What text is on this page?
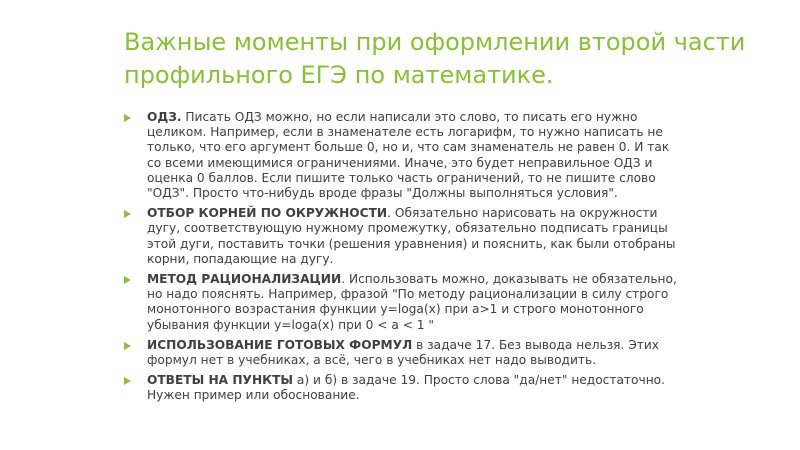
Важные моменты при оформлении второй части профильного ЕГЭ по математике.
ОДЗ. Писать ОДЗ можно, но если написали это слово, то писать его нужно целиком. Например, если в знаменателе есть логарифм, то нужно написать не только, что его аргумент больше 0, но и, что сам знаменатель не равен 0. И так со всеми имеющимися ограничениями. Иначе, это будет неправильное ОДЗ и оценка 0 баллов. Если пишите только часть ограничений, то не пишите слово "ОДЗ". Просто что-нибудь вроде фразы "Должны выполняться условия".
ОТБОР КОРНЕЙ ПО ОКРУЖНОСТИ. Обязательно нарисовать на окружности дугу, соответствующую нужному промежутку, обязательно подписать границы этой дуги, поставить точки (решения уравнения) и пояснить, как были отобраны корни, попадающие на дугу.
МЕТОД РАЦИОНАЛИЗАЦИИ. Использовать можно, доказывать не обязательно, но надо пояснять. Например, фразой "По методу рационализации в силу строго монотонного возрастания функции y=loga(x) при a>1 и строго монотонного убывания функции y=loga(x) при 0 < a < 1 "
ИСПОЛЬЗОВАНИЕ ГОТОВЫХ ФОРМУЛ в задаче 17. Без вывода нельзя. Этих формул нет в учебниках, а всё, чего в учебниках нет надо выводить.
ОТВЕТЫ НА ПУНКТЫ а) и б) в задаче 19. Просто слова "да/нет" недостаточно. Нужен пример или обоснование.
